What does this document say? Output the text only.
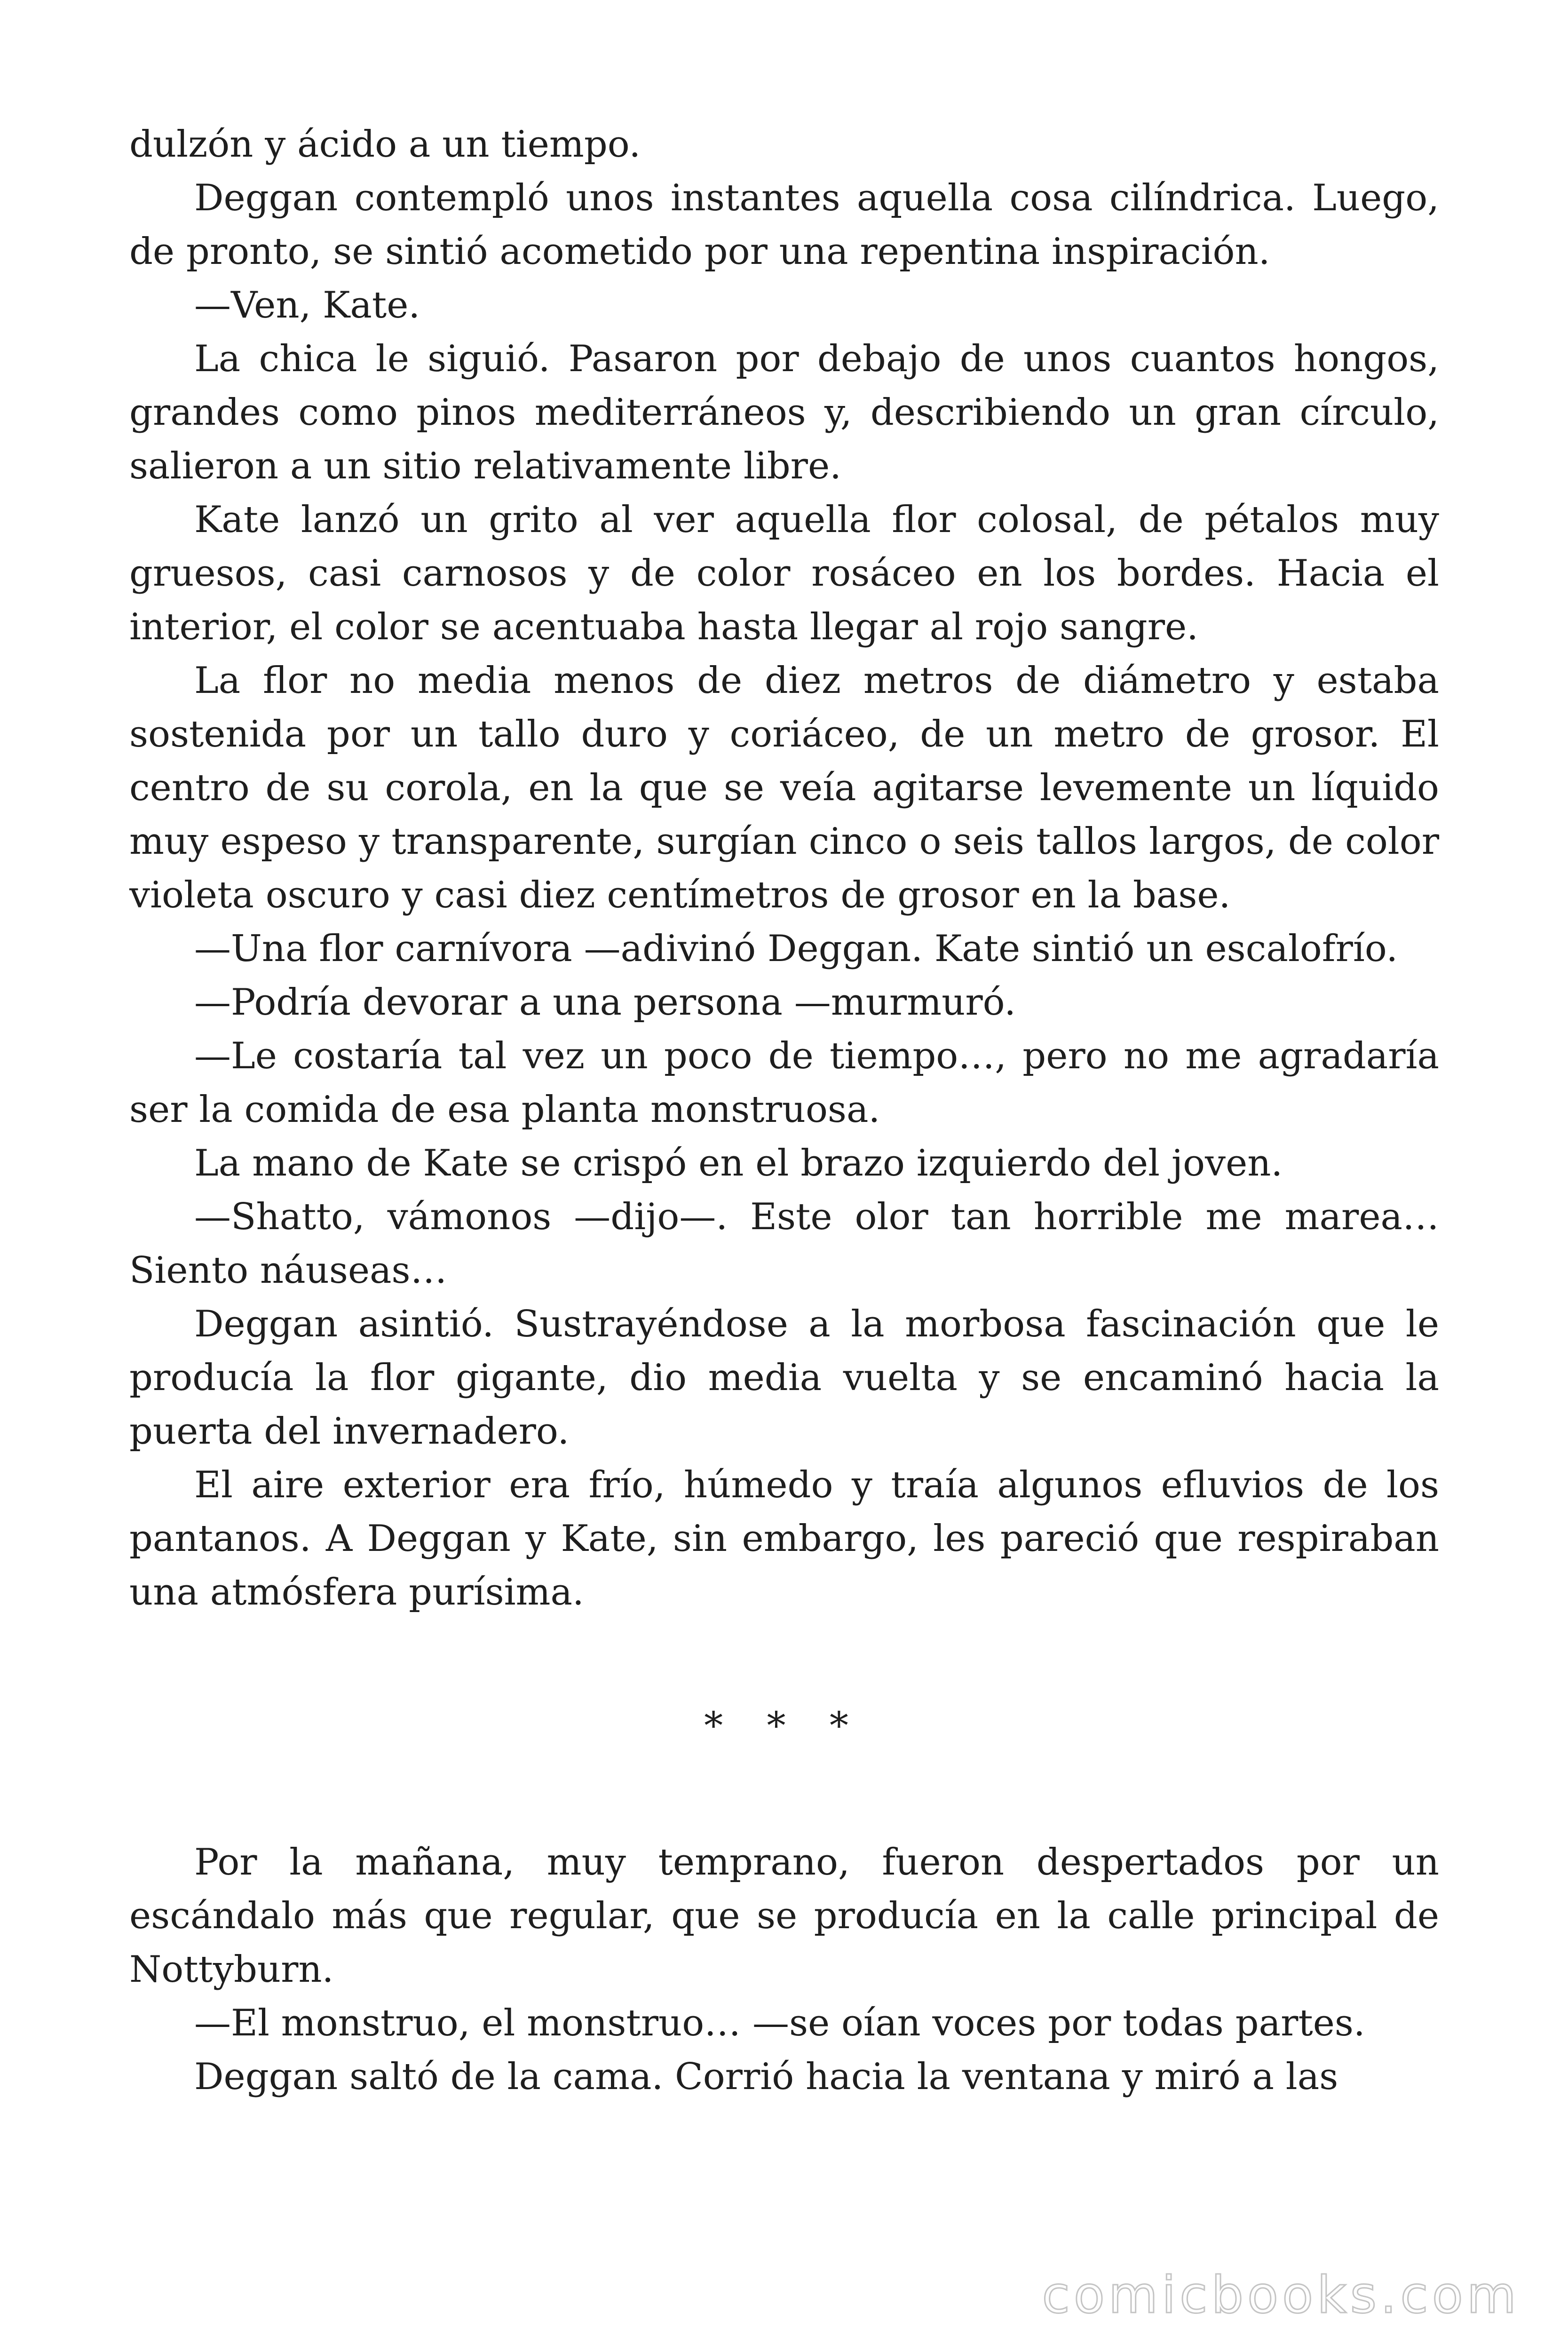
dulzón y ácido a un tiempo.

Deggan contempló unos instantes aquella cosa cilíndrica. Luego, de pronto, se sintió acometido por una repentina inspiración.

—Ven, Kate.

La chica le siguió. Pasaron por debajo de unos cuantos hongos, grandes como pinos mediterráneos y, describiendo un gran círculo, salieron a un sitio relativamente libre.

Kate lanzó un grito al ver aquella flor colosal, de pétalos muy gruesos, casi carnosos y de color rosáceo en los bordes. Hacia el interior, el color se acentuaba hasta llegar al rojo sangre.

La flor no media menos de diez metros de diámetro y estaba sostenida por un tallo duro y coriáceo, de un metro de grosor. El centro de su corola, en la que se veía agitarse levemente un líquido muy espeso y transparente, surgían cinco o seis tallos largos, de color violeta oscuro y casi diez centímetros de grosor en la base.

—Una flor carnívora —adivinó Deggan. Kate sintió un escalofrío.

—Podría devorar a una persona —murmuró.

—Le costaría tal vez un poco de tiempo…, pero no me agradaría ser la comida de esa planta monstruosa.

La mano de Kate se crispó en el brazo izquierdo del joven.

—Shatto, vámonos —dijo—. Este olor tan horrible me marea… Siento náuseas…

Deggan asintió. Sustrayéndose a la morbosa fascinación que le producía la flor gigante, dio media vuelta y se encaminó hacia la puerta del invernadero.

El aire exterior era frío, húmedo y traía algunos efluvios de los pantanos. A Deggan y Kate, sin embargo, les pareció que respiraban una atmósfera purísima.

* * *

Por la mañana, muy temprano, fueron despertados por un escándalo más que regular, que se producía en la calle principal de Nottyburn.

—El monstruo, el monstruo… —se oían voces por todas partes.

Deggan saltó de la cama. Corrió hacia la ventana y miró a las

comicbooks.com
